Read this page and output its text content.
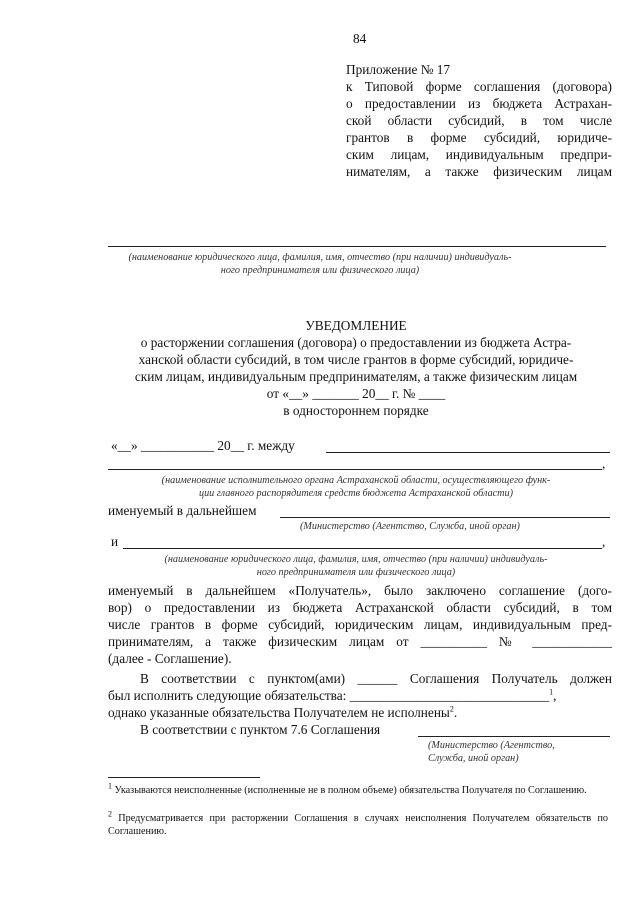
84
Приложение № 17
к Типовой форме соглашения (договора)
о предоставлении из бюджета Астрахан-
ской области субсидий, в том числе
грантов в форме субсидий, юридиче-
ским лицам, индивидуальным предпри-
нимателям, а также физическим лицам
(наименование юридического лица, фамилия, имя, отчество (при наличии) индивидуаль-
ного предпринимателя или физического лица)
УВЕДОМЛЕНИЕ
о расторжении соглашения (договора) о предоставлении из бюджета Астра-
ханской области субсидий, в том числе грантов в форме субсидий, юридиче-
ским лицам, индивидуальным предпринимателям, а также физическим лицам
от «__» _______ 20__ г. № ____
в одностороннем порядке
«__» ___________ 20__ г. между
,
(наименование исполнительного органа Астраханской области, осуществляющего функ-
ции главного распорядителя средств бюджета Астраханской области)
именуемый в дальнейшем
(Министерство (Агентство, Служба, иной орган)
и	,
(наименование юридического лица, фамилия, имя, отчество (при наличии) индивидуаль-
ного предпринимателя или физического лица)
именуемый в дальнейшем «Получатель», было заключено соглашение (дого-
вор) о предоставлении из бюджета Астраханской области субсидий, в том
числе грантов в форме субсидий, юридическим лицам, индивидуальным пред-
принимателям, а также физическим лицам от __________ № ____________
(далее - Соглашение).
В соответствии с пунктом(ами) ______ Соглашения Получатель должен
был исполнить следующие обязательства: ______________________________$^1$,
однако указанные обязательства Получателем не исполнены$^2$.
В соответствии с пунктом 7.6 Соглашения
(Министерство (Агентство,
Служба, иной орган)
$^1$ Указываются неисполненные (исполненные не в полном объеме) обязательства Получателя по Соглашению.
$^2$ Предусматривается при расторжении Соглашения в случаях неисполнения Получателем обязательств по Соглашению.
